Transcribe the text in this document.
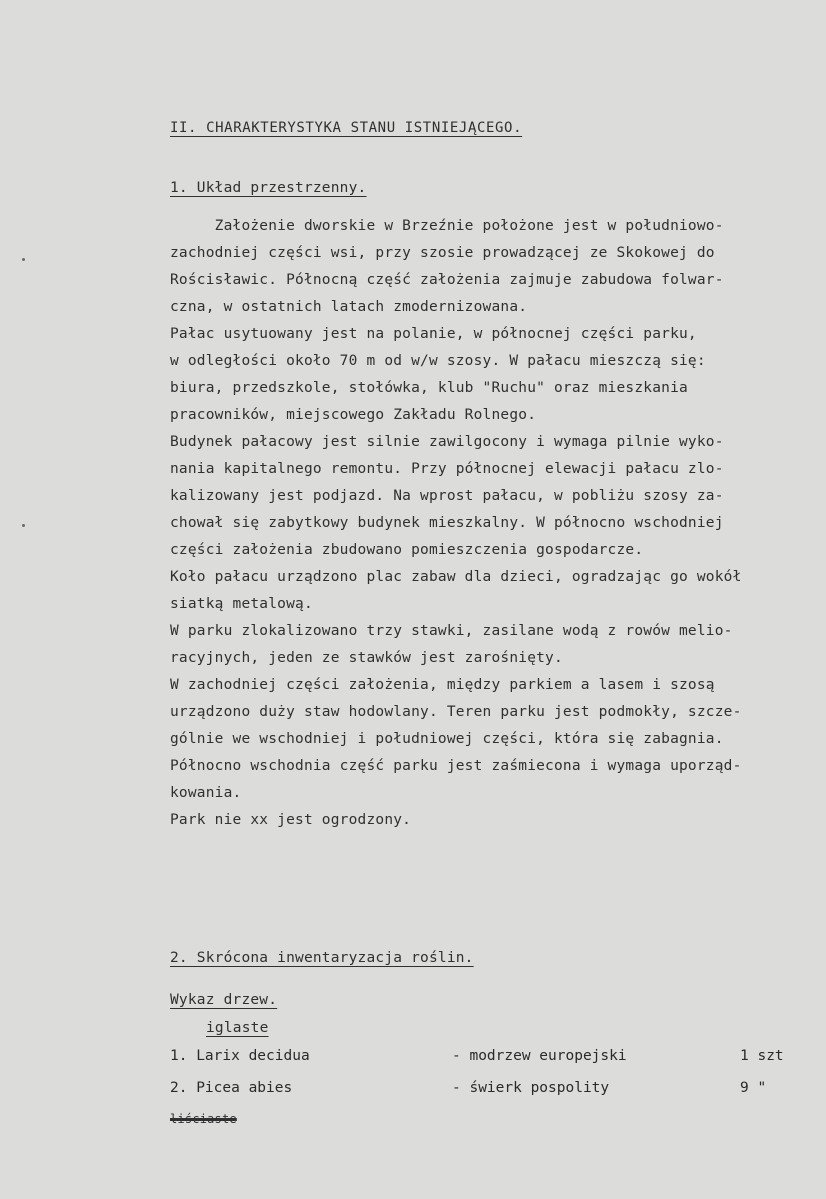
II. CHARAKTERYSTYKA STANU ISTNIEJĄCEGO.
1. Układ przestrzenny.
Założenie dworskie w Brzeźnie położone jest w południowo-
zachodniej części wsi, przy szosie prowadzącej ze Skokowej do
Rościsławic. Północną część założenia zajmuje zabudowa folwar-
czna, w ostatnich latach zmodernizowana.
Pałac usytuowany jest na polanie, w północnej części parku,
w odległości około 70 m od w/w szosy. W pałacu mieszczą się:
biura, przedszkole, stołówka, klub "Ruchu" oraz mieszkania
pracowników, miejscowego Zakładu Rolnego.
Budynek pałacowy jest silnie zawilgocony i wymaga pilnie wyko-
nania kapitalnego remontu. Przy północnej elewacji pałacu zlo-
kalizowany jest podjazd. Na wprost pałacu, w pobliżu szosy za-
chował się zabytkowy budynek mieszkalny. W północno wschodniej
części założenia zbudowano pomieszczenia gospodarcze.
Koło pałacu urządzono plac zabaw dla dzieci, ogradzając go wokół
siatką metalową.
W parku zlokalizowano trzy stawki, zasilane wodą z rowów melio-
racyjnych, jeden ze stawków jest zarośnięty.
W zachodniej części założenia, między parkiem a lasem i szosą
urządzono duży staw hodowlany. Teren parku jest podmokły, szcze-
gólnie we wschodniej i południowej części, która się zabagnia.
Północno wschodnia część parku jest zaśmiecona i wymaga uporząd-
kowania.
Park nie xx jest ogrodzony.
2. Skrócona inwentaryzacja roślin.
Wykaz drzew.
iglaste
1. Larix decidua	- modrzew europejski	1 szt
2. Picea abies	- świerk pospolity	9 "
liściaste
